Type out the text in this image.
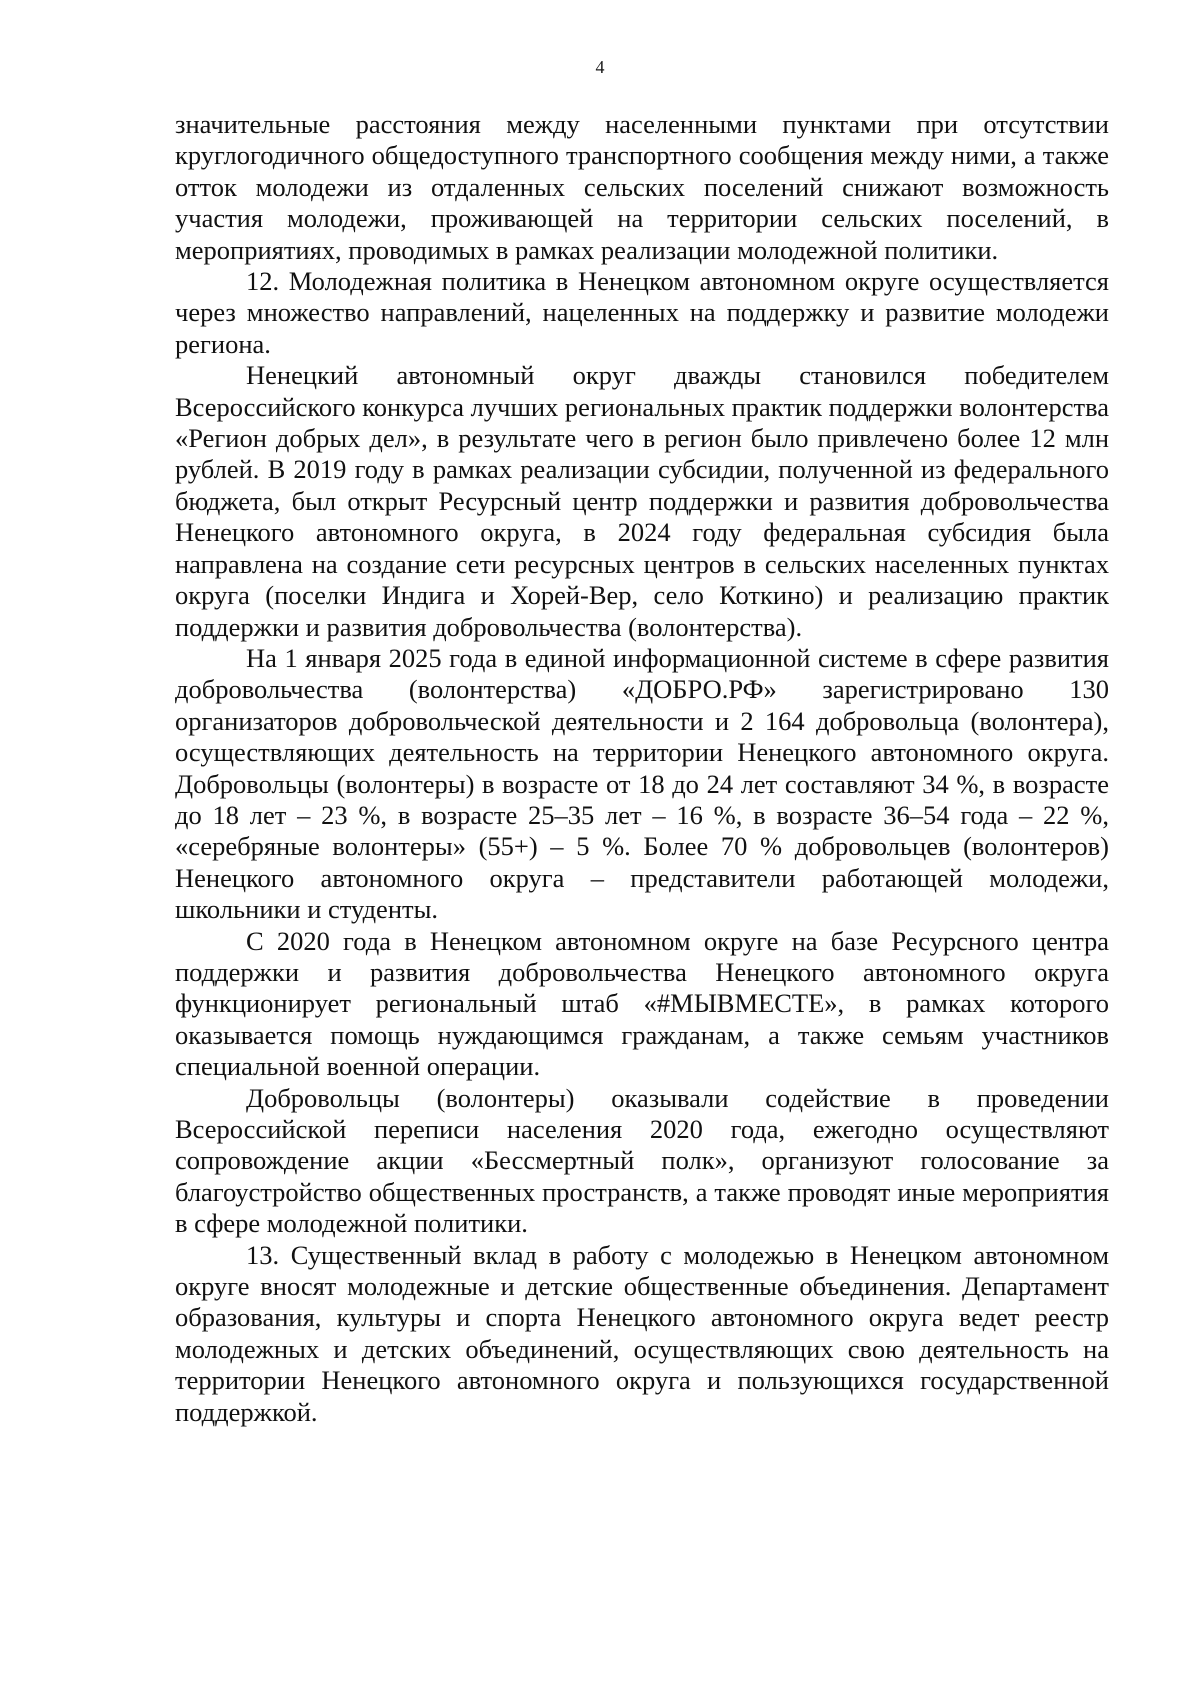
4

значительные расстояния между населенными пунктами при отсутствии круглогодичного общедоступного транспортного сообщения между ними, а также отток молодежи из отдаленных сельских поселений снижают возможность участия молодежи, проживающей на территории сельских поселений, в мероприятиях, проводимых в рамках реализации молодежной политики.

12. Молодежная политика в Ненецком автономном округе осуществляется через множество направлений, нацеленных на поддержку и развитие молодежи региона.

Ненецкий автономный округ дважды становился победителем Всероссийского конкурса лучших региональных практик поддержки волонтерства «Регион добрых дел», в результате чего в регион было привлечено более 12 млн рублей. В 2019 году в рамках реализации субсидии, полученной из федерального бюджета, был открыт Ресурсный центр поддержки и развития добровольчества Ненецкого автономного округа, в 2024 году федеральная субсидия была направлена на создание сети ресурсных центров в сельских населенных пунктах округа (поселки Индига и Хорей-Вер, село Коткино) и реализацию практик поддержки и развития добровольчества (волонтерства).

На 1 января 2025 года в единой информационной системе в сфере развития добровольчества (волонтерства) «ДОБРО.РФ» зарегистрировано 130 организаторов добровольческой деятельности и 2 164 добровольца (волонтера), осуществляющих деятельность на территории Ненецкого автономного округа. Добровольцы (волонтеры) в возрасте от 18 до 24 лет составляют 34 %, в возрасте до 18 лет – 23 %, в возрасте 25–35 лет – 16 %, в возрасте 36–54 года – 22 %, «серебряные волонтеры» (55+) – 5 %. Более 70 % добровольцев (волонтеров) Ненецкого автономного округа – представители работающей молодежи, школьники и студенты.

С 2020 года в Ненецком автономном округе на базе Ресурсного центра поддержки и развития добровольчества Ненецкого автономного округа функционирует региональный штаб «#МЫВМЕСТЕ», в рамках которого оказывается помощь нуждающимся гражданам, а также семьям участников специальной военной операции.

Добровольцы (волонтеры) оказывали содействие в проведении Всероссийской переписи населения 2020 года, ежегодно осуществляют сопровождение акции «Бессмертный полк», организуют голосование за благоустройство общественных пространств, а также проводят иные мероприятия в сфере молодежной политики.

13. Существенный вклад в работу с молодежью в Ненецком автономном округе вносят молодежные и детские общественные объединения. Департамент образования, культуры и спорта Ненецкого автономного округа ведет реестр молодежных и детских объединений, осуществляющих свою деятельность на территории Ненецкого автономного округа и пользующихся государственной поддержкой.
